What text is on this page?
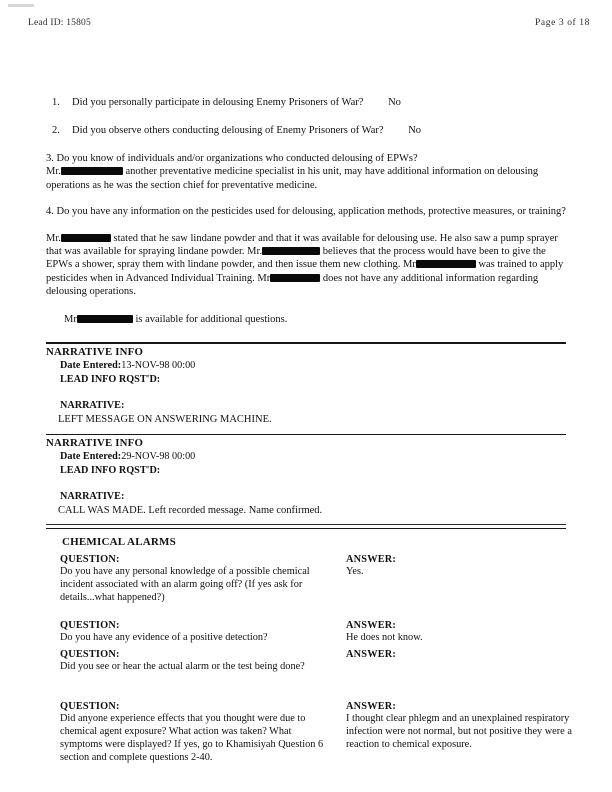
Lead ID: 15805	Page 3 of 18
1. Did you personally participate in delousing Enemy Prisoners of War? No
2. Did you observe others conducting delousing of Enemy Prisoners of War? No
3. Do you know of individuals and/or organizations who conducted delousing of EPWs?
Mr.	another preventative medicine specialist in his unit, may have additional information on delousing operations as he was the section chief for preventative medicine.
4. Do you have any information on the pesticides used for delousing, application methods, protective measures, or training?

Mr.	stated that he saw lindane powder and that it was available for delousing use. He also saw a pump sprayer that was available for spraying lindane powder. Mr.	believes that the process would have been to give the EPWs a shower, spray them with lindane powder, and then issue them new clothing. Mr	was trained to apply pesticides when in Advanced Individual Training. Mr	does not have any additional information regarding delousing operations.

Mr	is available for additional questions.

NARRATIVE INFO
Date Entered:13-NOV-98 00:00
LEAD INFO RQST'D:
NARRATIVE:
LEFT MESSAGE ON ANSWERING MACHINE.
NARRATIVE INFO
Date Entered:29-NOV-98 00:00
LEAD INFO RQST'D:
NARRATIVE:
CALL WAS MADE. Left recorded message. Name confirmed.
CHEMICAL ALARMS
QUESTION:
Do you have any personal knowledge of a possible chemical incident associated with an alarm going off? (If yes ask for details...what happened?)
ANSWER:
Yes.
QUESTION:
Do you have any evidence of a positive detection?
ANSWER:
He does not know.
QUESTION:
Did you see or hear the actual alarm or the test being done?
ANSWER:
QUESTION:
Did anyone experience effects that you thought were due to chemical agent exposure? What action was taken? What symptoms were displayed? If yes, go to Khamisiyah Question 6 section and complete questions 2-40.
ANSWER:
I thought clear phlegm and an unexplained respiratory infection were not normal, but not positive they were a reaction to chemical exposure.
